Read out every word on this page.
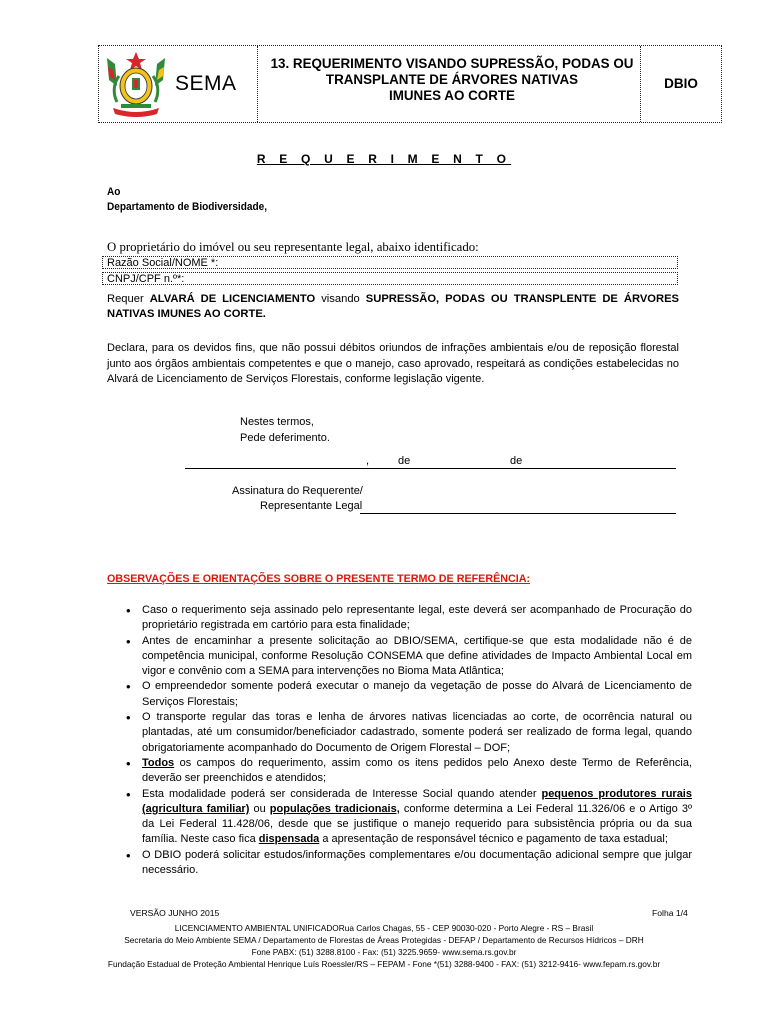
SEMA
13. REQUERIMENTO VISANDO SUPRESSÃO, PODAS OU
TRANSPLANTE DE ÁRVORES NATIVAS
IMUNES AO CORTE
DBIO
R E Q U E R I M E N T O
Ao
Departamento de Biodiversidade,
O proprietário do imóvel ou seu representante legal, abaixo identificado:
Razão Social/NOME *:
CNPJ/CPF n.º*:
Requer ALVARÁ DE LICENCIAMENTO visando SUPRESSÃO, PODAS OU TRANSPLENTE DE ÁRVORES NATIVAS IMUNES AO CORTE.
Declara, para os devidos fins, que não possui débitos oriundos de infrações ambientais e/ou de reposição florestal junto aos órgãos ambientais competentes e que o manejo, caso aprovado, respeitará as condições estabelecidas no Alvará de Licenciamento de Serviços Florestais, conforme legislação vigente.
Nestes termos,
Pede deferimento.
,	de	de
Assinatura do Requerente/
Representante Legal
OBSERVAÇÕES E ORIENTAÇÕES SOBRE O PRESENTE TERMO DE REFERÊNCIA:
• Caso o requerimento seja assinado pelo representante legal, este deverá ser acompanhado de Procuração do proprietário registrada em cartório para esta finalidade;
• Antes de encaminhar a presente solicitação ao DBIO/SEMA, certifique-se que esta modalidade não é de competência municipal, conforme Resolução CONSEMA que define atividades de Impacto Ambiental Local em vigor e convênio com a SEMA para intervenções no Bioma Mata Atlântica;
• O empreendedor somente poderá executar o manejo da vegetação de posse do Alvará de Licenciamento de Serviços Florestais;
• O transporte regular das toras e lenha de árvores nativas licenciadas ao corte, de ocorrência natural ou plantadas, até um consumidor/beneficiador cadastrado, somente poderá ser realizado de forma legal, quando obrigatoriamente acompanhado do Documento de Origem Florestal – DOF;
• Todos os campos do requerimento, assim como os itens pedidos pelo Anexo deste Termo de Referência, deverão ser preenchidos e atendidos;
• Esta modalidade poderá ser considerada de Interesse Social quando atender pequenos produtores rurais (agricultura familiar) ou populações tradicionais, conforme determina a Lei Federal 11.326/06 e o Artigo 3º da Lei Federal 11.428/06, desde que se justifique o manejo requerido para subsistência própria ou da sua família. Neste caso fica dispensada a apresentação de responsável técnico e pagamento de taxa estadual;
• O DBIO poderá solicitar estudos/informações complementares e/ou documentação adicional sempre que julgar necessário.
VERSÃO JUNHO 2015	Folha 1/4
LICENCIAMENTO AMBIENTAL UNIFICADORua Carlos Chagas, 55 - CEP 90030-020 - Porto Alegre - RS – Brasil
Secretaria do Meio Ambiente SEMA / Departamento de Florestas de Áreas Protegidas - DEFAP / Departamento de Recursos Hídricos – DRH
Fone PABX: (51) 3288.8100 - Fax: (51) 3225.9659- www.sema.rs.gov.br
Fundação Estadual de Proteção Ambiental Henrique Luís Roessler/RS – FEPAM - Fone *(51) 3288-9400 - FAX: (51) 3212-9416- www.fepam.rs.gov.br
